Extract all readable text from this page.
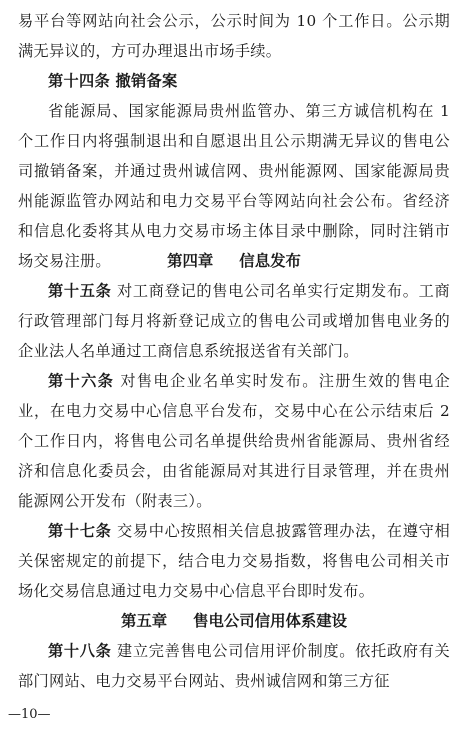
易平台等网站向社会公示，公示时间为 10 个工作日。公示期满无异议的，方可办理退出市场手续。

第十四条 撤销备案

省能源局、国家能源局贵州监管办、第三方诚信机构在 1 个工作日内将强制退出和自愿退出且公示期满无异议的售电公司撤销备案，并通过贵州诚信网、贵州能源网、国家能源局贵州能源监管办网站和电力交易平台等网站向社会公布。省经济和信息化委将其从电力交易市场主体目录中删除，同时注销市场交易注册。	第四章 信息发布

第十五条 对工商登记的售电公司名单实行定期发布。工商行政管理部门每月将新登记成立的售电公司或增加售电业务的企业法人名单通过工商信息系统报送省有关部门。

第十六条 对售电企业名单实时发布。注册生效的售电企业，在电力交易中心信息平台发布，交易中心在公示结束后 2 个工作日内，将售电公司名单提供给贵州省能源局、贵州省经济和信息化委员会，由省能源局对其进行目录管理，并在贵州能源网公开发布（附表三）。

第十七条 交易中心按照相关信息披露管理办法，在遵守相关保密规定的前提下，结合电力交易指数，将售电公司相关市场化交易信息通过电力交易中心信息平台即时发布。

第五章 售电公司信用体系建设

第十八条 建立完善售电公司信用评价制度。依托政府有关部门网站、电力交易平台网站、贵州诚信网和第三方征

—10—
